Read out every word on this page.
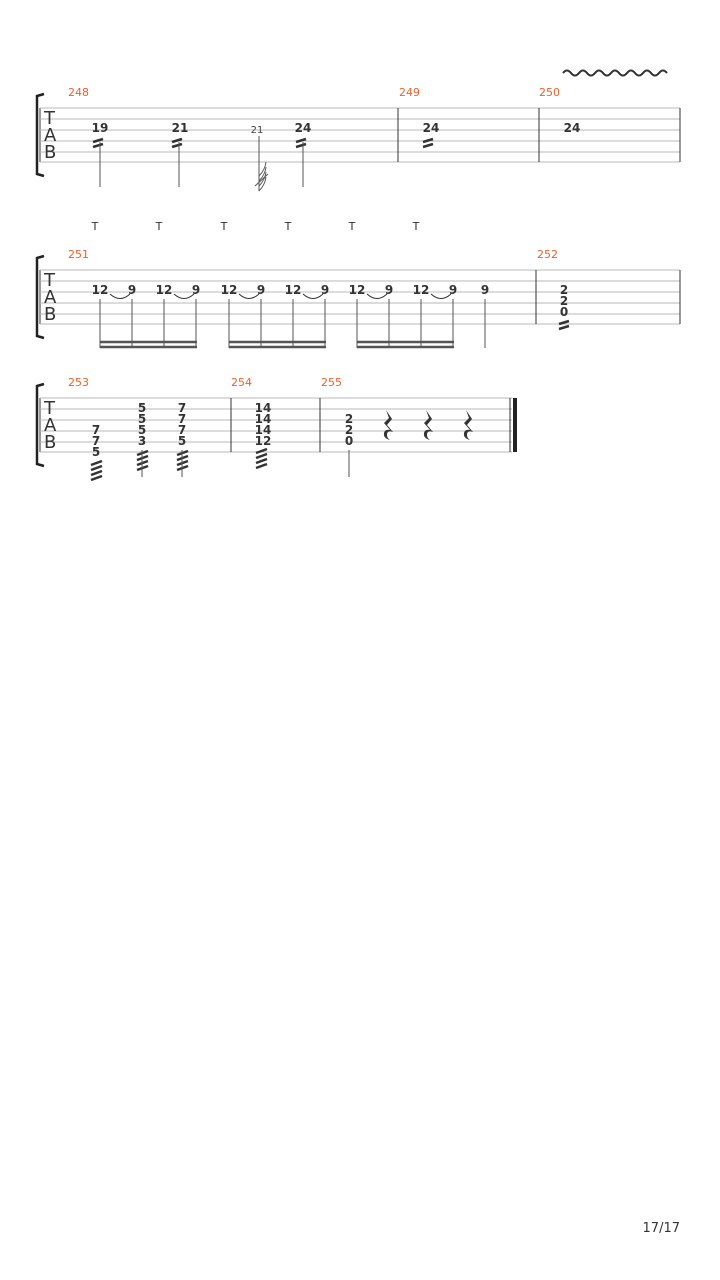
T
A
B
248	249	250
19	21	21	24	24	24
T	T	T	T	T	T
T
A
B
251	252
12 9 12 9 12 9 12 9 12 9 12 9 9	2
2
0
T
A
B
253	254	255
7
7
5
5
5
5
3
7
7
7
5
14
14
14
12
2
2
0
17/17
